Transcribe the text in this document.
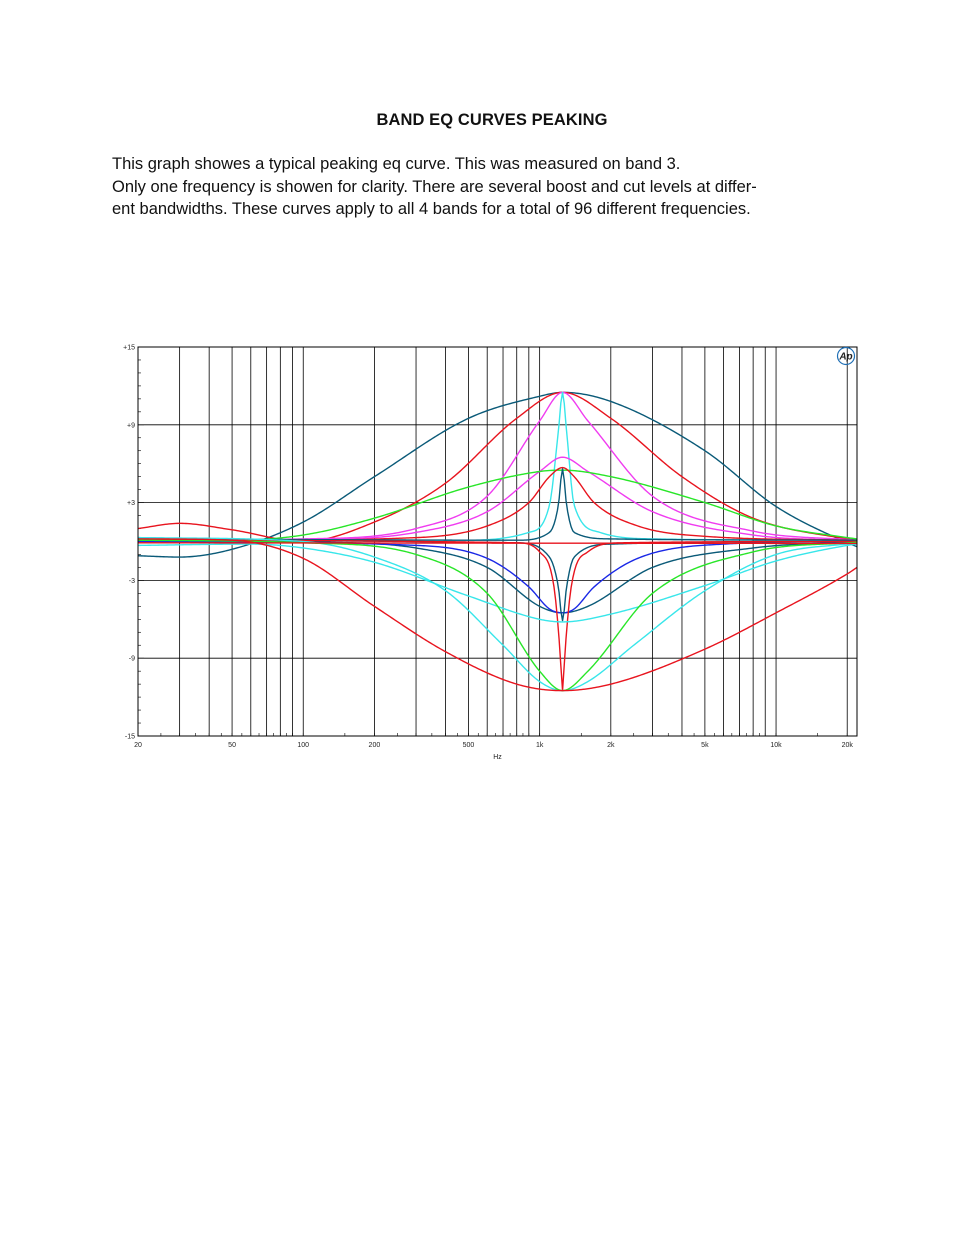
BAND EQ CURVES PEAKING
This graph showes a typical peaking eq curve. This was measured on band 3.
Only one frequency is showen for clarity. There are several boost and cut levels at differ-
ent bandwidths. These curves apply to all 4 bands for a total of 96 different frequencies.
+15
+9
+3
-3
-9
-15
20	50	100	200	500	1k	2k	5k	10k	20k
Hz
Ap
